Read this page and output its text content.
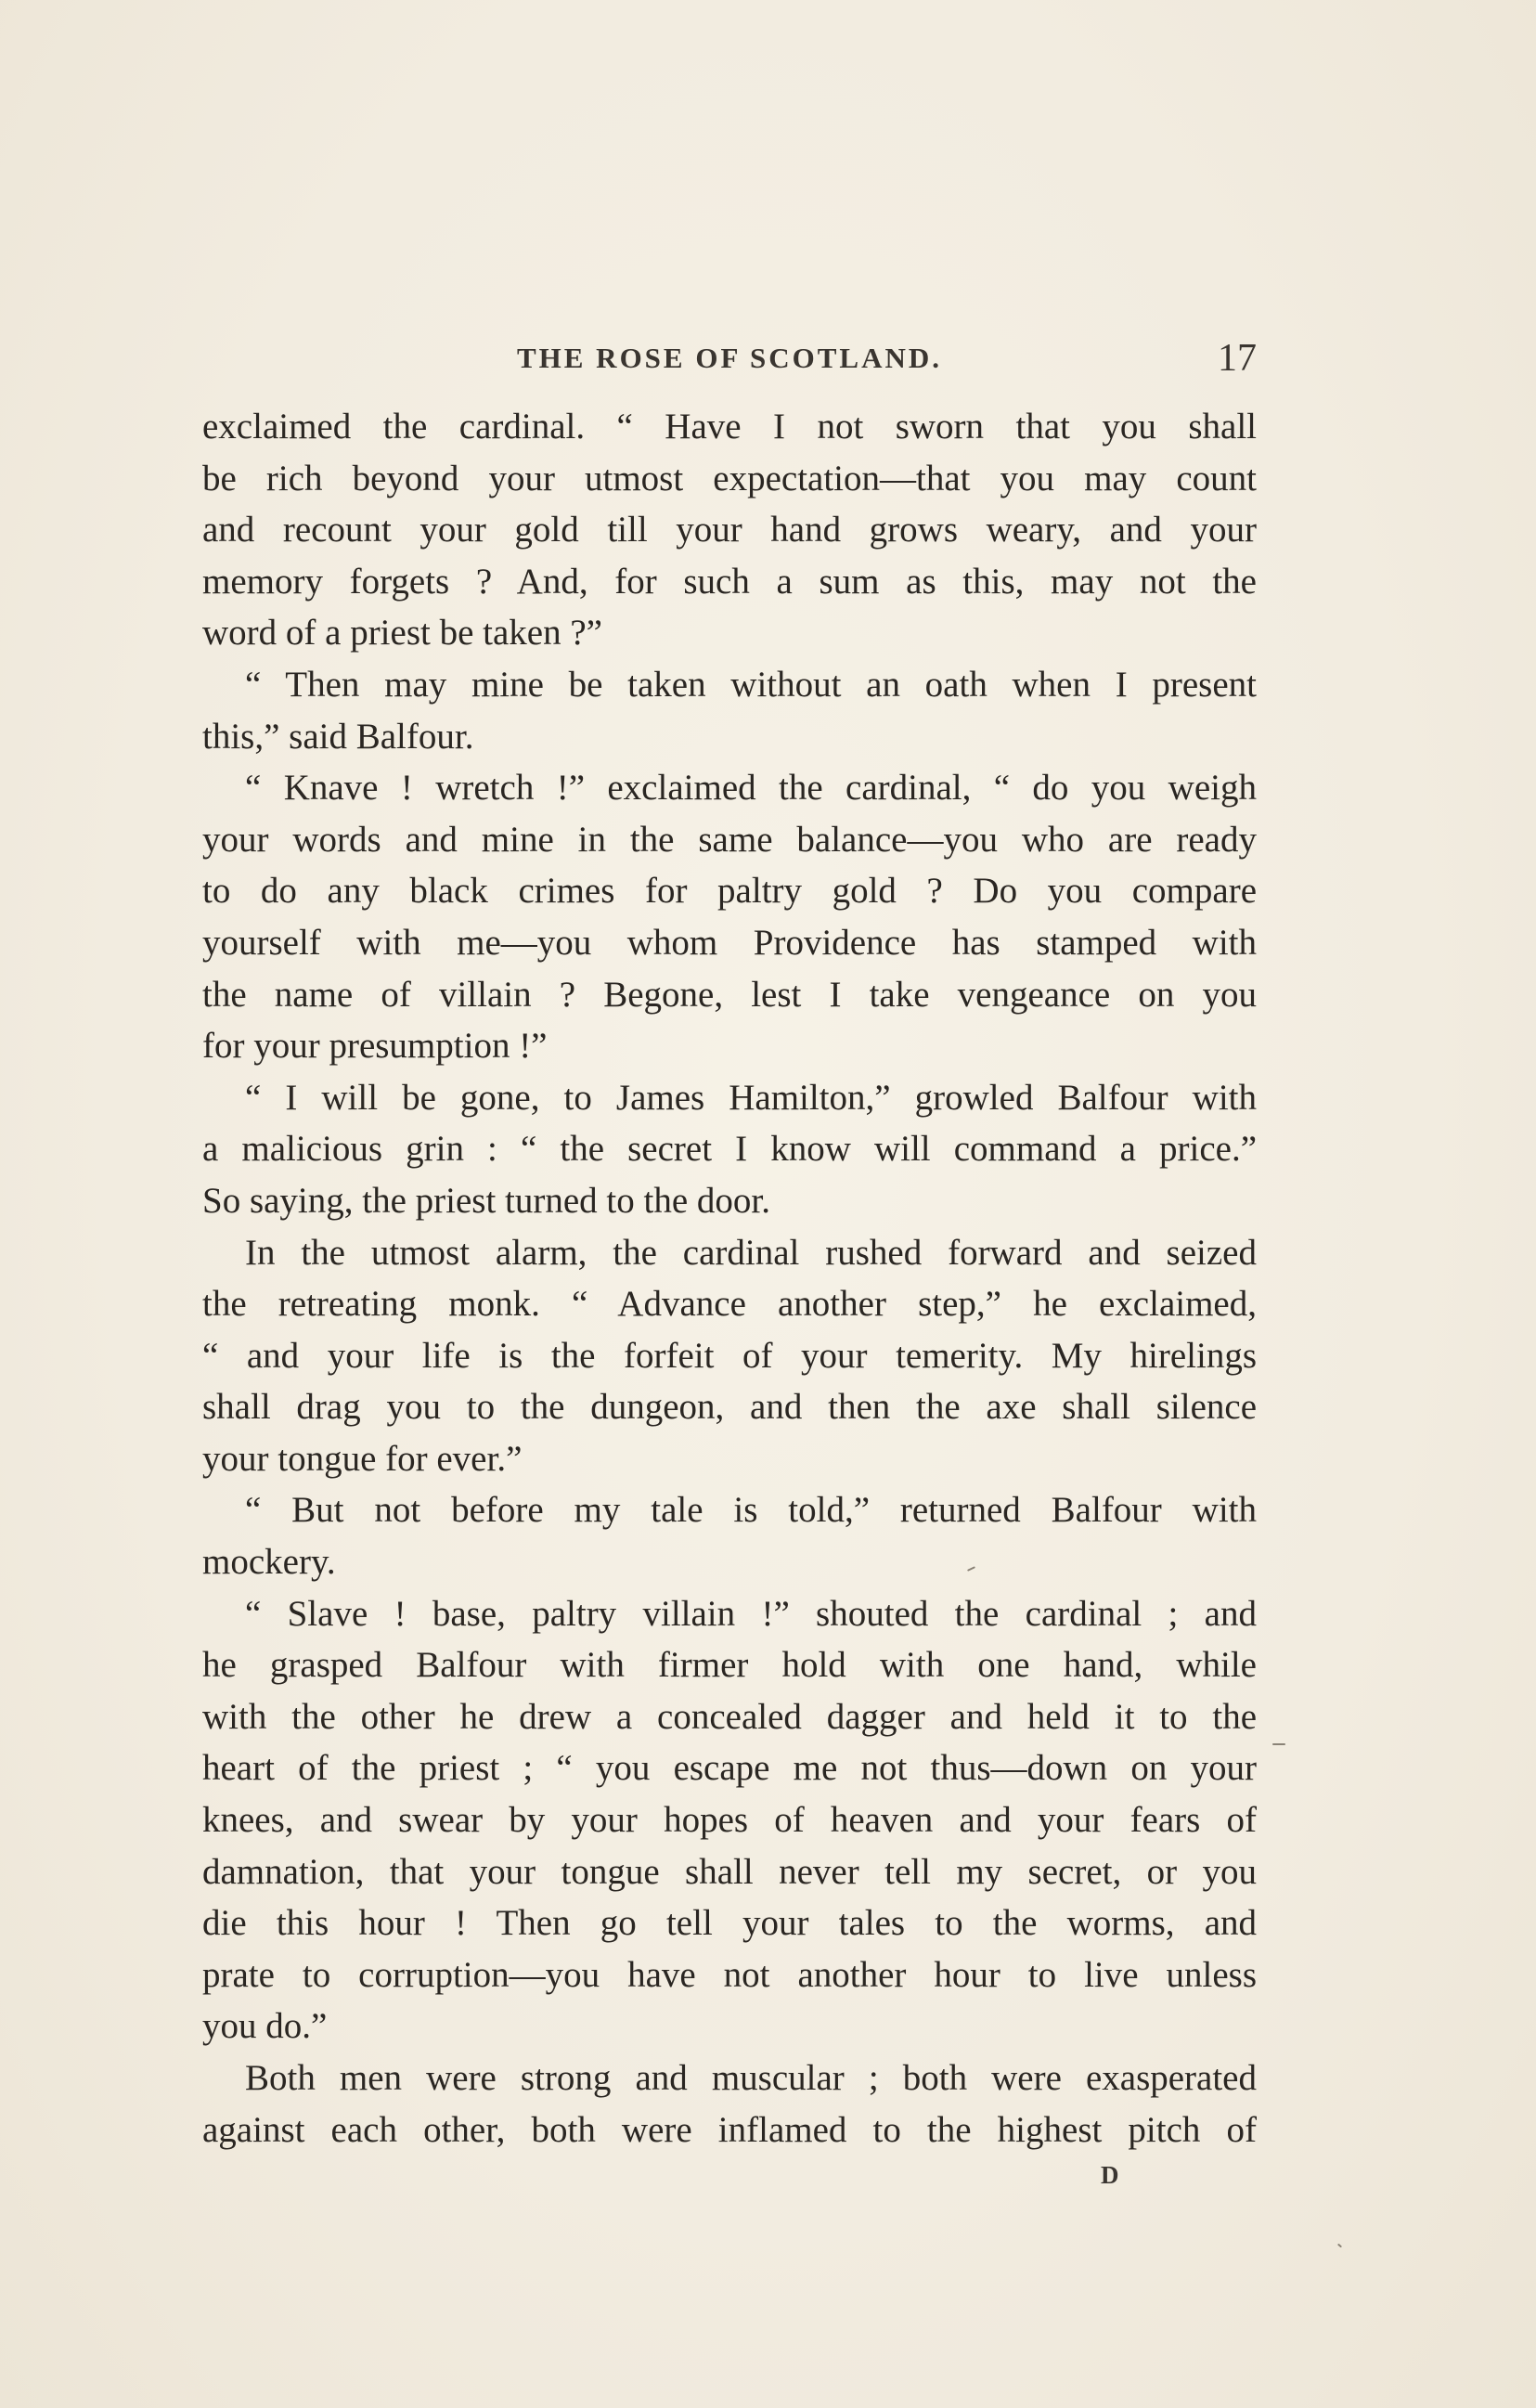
THE ROSE OF SCOTLAND.	17
exclaimed the cardinal. “ Have I not sworn that you shall
be rich beyond your utmost expectation—that you may count
and recount your gold till your hand grows weary, and your
memory forgets ? And, for such a sum as this, may not the
word of a priest be taken ?”
“ Then may mine be taken without an oath when I present
this,” said Balfour.
“ Knave ! wretch !” exclaimed the cardinal, “ do you weigh
your words and mine in the same balance—you who are ready
to do any black crimes for paltry gold ? Do you compare
yourself with me—you whom Providence has stamped with
the name of villain ? Begone, lest I take vengeance on you
for your presumption !”
“ I will be gone, to James Hamilton,” growled Balfour with
a malicious grin : “ the secret I know will command a price.”
So saying, the priest turned to the door.
In the utmost alarm, the cardinal rushed forward and seized
the retreating monk. “ Advance another step,” he exclaimed,
“ and your life is the forfeit of your temerity. My hirelings
shall drag you to the dungeon, and then the axe shall silence
your tongue for ever.”
“ But not before my tale is told,” returned Balfour with
mockery.
“ Slave ! base, paltry villain !” shouted the cardinal ; and
he grasped Balfour with firmer hold with one hand, while
with the other he drew a concealed dagger and held it to the
heart of the priest ; “ you escape me not thus—down on your
knees, and swear by your hopes of heaven and your fears of
damnation, that your tongue shall never tell my secret, or you
die this hour ! Then go tell your tales to the worms, and
prate to corruption—you have not another hour to live unless
you do.”
Both men were strong and muscular ; both were exasperated
against each other, both were inflamed to the highest pitch of
D
